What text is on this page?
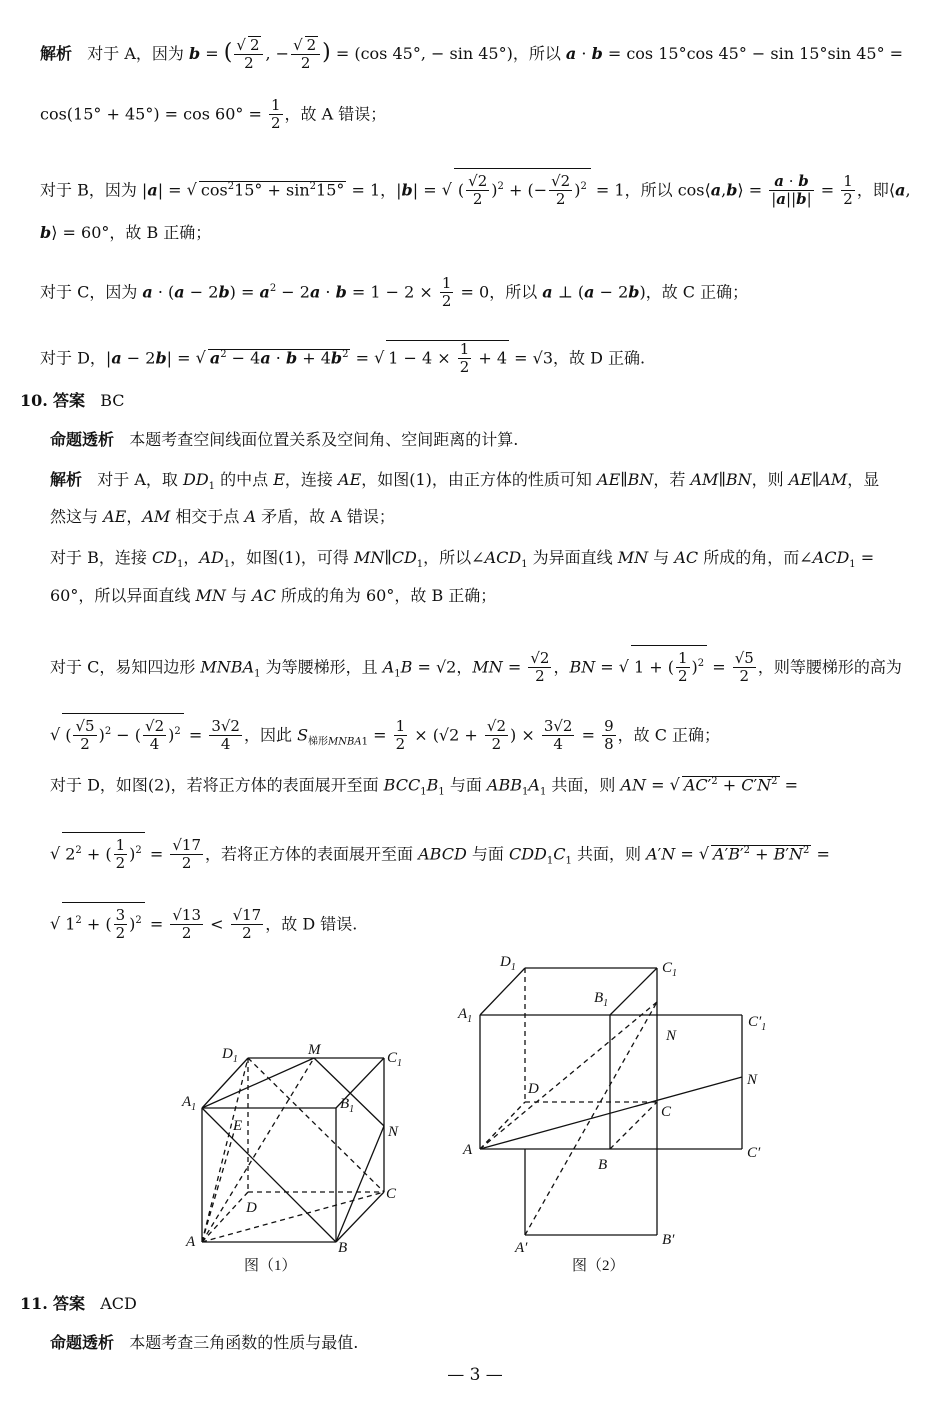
解析   对于 A，因为 b = ( √ $\frac{2}{2}$ , − √ $\frac{2}{2}$ ) = (cos 45°, − sin 45°)，所以 a · b = cos 15°cos 45° − sin 15°sin 45° =
$\cos(15^\circ + 45^\circ) = \cos 60^\circ = \frac{1}{2}$ ，故 A 错误；
对于 B，因为 |a| = √ $\cos^215^\circ + \sin^215^\circ = 1$，|b| = √ ( $\frac{√2}{2} )^2$ + (− $\frac{√2}{2} )^2 = 1$，所以 cos⟨a,b⟩ = $\frac{a \cdot b}{|a||b|} = \frac{1}{2}$ ，即⟨a,
b⟩ = 60°，故 B 正确；
对于 C，因为 $a \cdot (a - 2b) = a^2 - 2a \cdot b = 1 - 2 \times \frac{1}{2} = 0$，所以 a ⊥ (a − 2b)，故 C 正确；
对于 D，|a − 2b| = √ $a^2 - 4a \cdot b + 4b^2$ = √ $1 - 4 \times \frac{1}{2} + 4 = √3$，故 D 正确.
10. 答案 BC
命题透析 本题考查空间线面位置关系及空间角、空间距离的计算.
解析   对于 A，取 $DD_1$ 的中点 E，连接 AE，如图(1)，由正方体的性质可知 AE∥BN，若 AM∥BN，则 AE∥AM，显
然这与 AE，AM 相交于点 A 矛盾，故 A 错误；
对于 B，连接 $CD_1$，$AD_1$，如图(1)，可得 $MN\parallel CD_1$，所以$\angle ACD_1$ 为异面直线 MN 与 AC 所成的角，而$\angle ACD_1$ =
60°，所以异面直线 MN 与 AC 所成的角为 60°，故 B 正确；
对于 C，易知四边形 $MNBA_1$ 为等腰梯形，且 $A_1B = √2$，MN = $\frac{√2}{2}$ ，BN = √ 1 + ( $\frac{1}{2} )^2 = \frac{√5}{2}$ ，则等腰梯形的高为
√ ( $\frac{√5}{2} )^2$ − ( $\frac{√2}{4} )^2 = \frac{3√2}{4}$ ，因此 $S_{梯形MNBA1} = \frac{1}{2} \times (√2 + \frac{√2}{2}$ ) × $\frac{3√2}{4} = \frac{9}{8}$ ，故 C 正确；
对于 D，如图(2)，若将正方体的表面展开至面 $BCC_1B_1$ 与面 $ABB_1A_1$ 共面，则 AN = √ $AC'^2 + C'N^2$ =
√ $2^2$ + ( $\frac{1}{2} )^2 = \frac{√17}{2}$ ，若将正方体的表面展开至面 ABCD 与面 $CDD_1C_1$ 共面，则 A′N = √ $A'B'^2 + B'N^2$ =
√ $1^2$ + ( $\frac{3}{2} )^2 = \frac{√13}{2} < \frac{√17}{2}$ ，故 D 错误.
$D_1$
M	$C_1$
$A_1$	$B_1$
E	N
D
C
A	B
图（1）
$D_1$	$C_1$
$A_1$
$B_1$
$C'_1$
N
N
D
C
A
B
C′
A′	B′
图（2）
11. 答案 ACD
命题透析 本题考查三角函数的性质与最值.
— 3 —
